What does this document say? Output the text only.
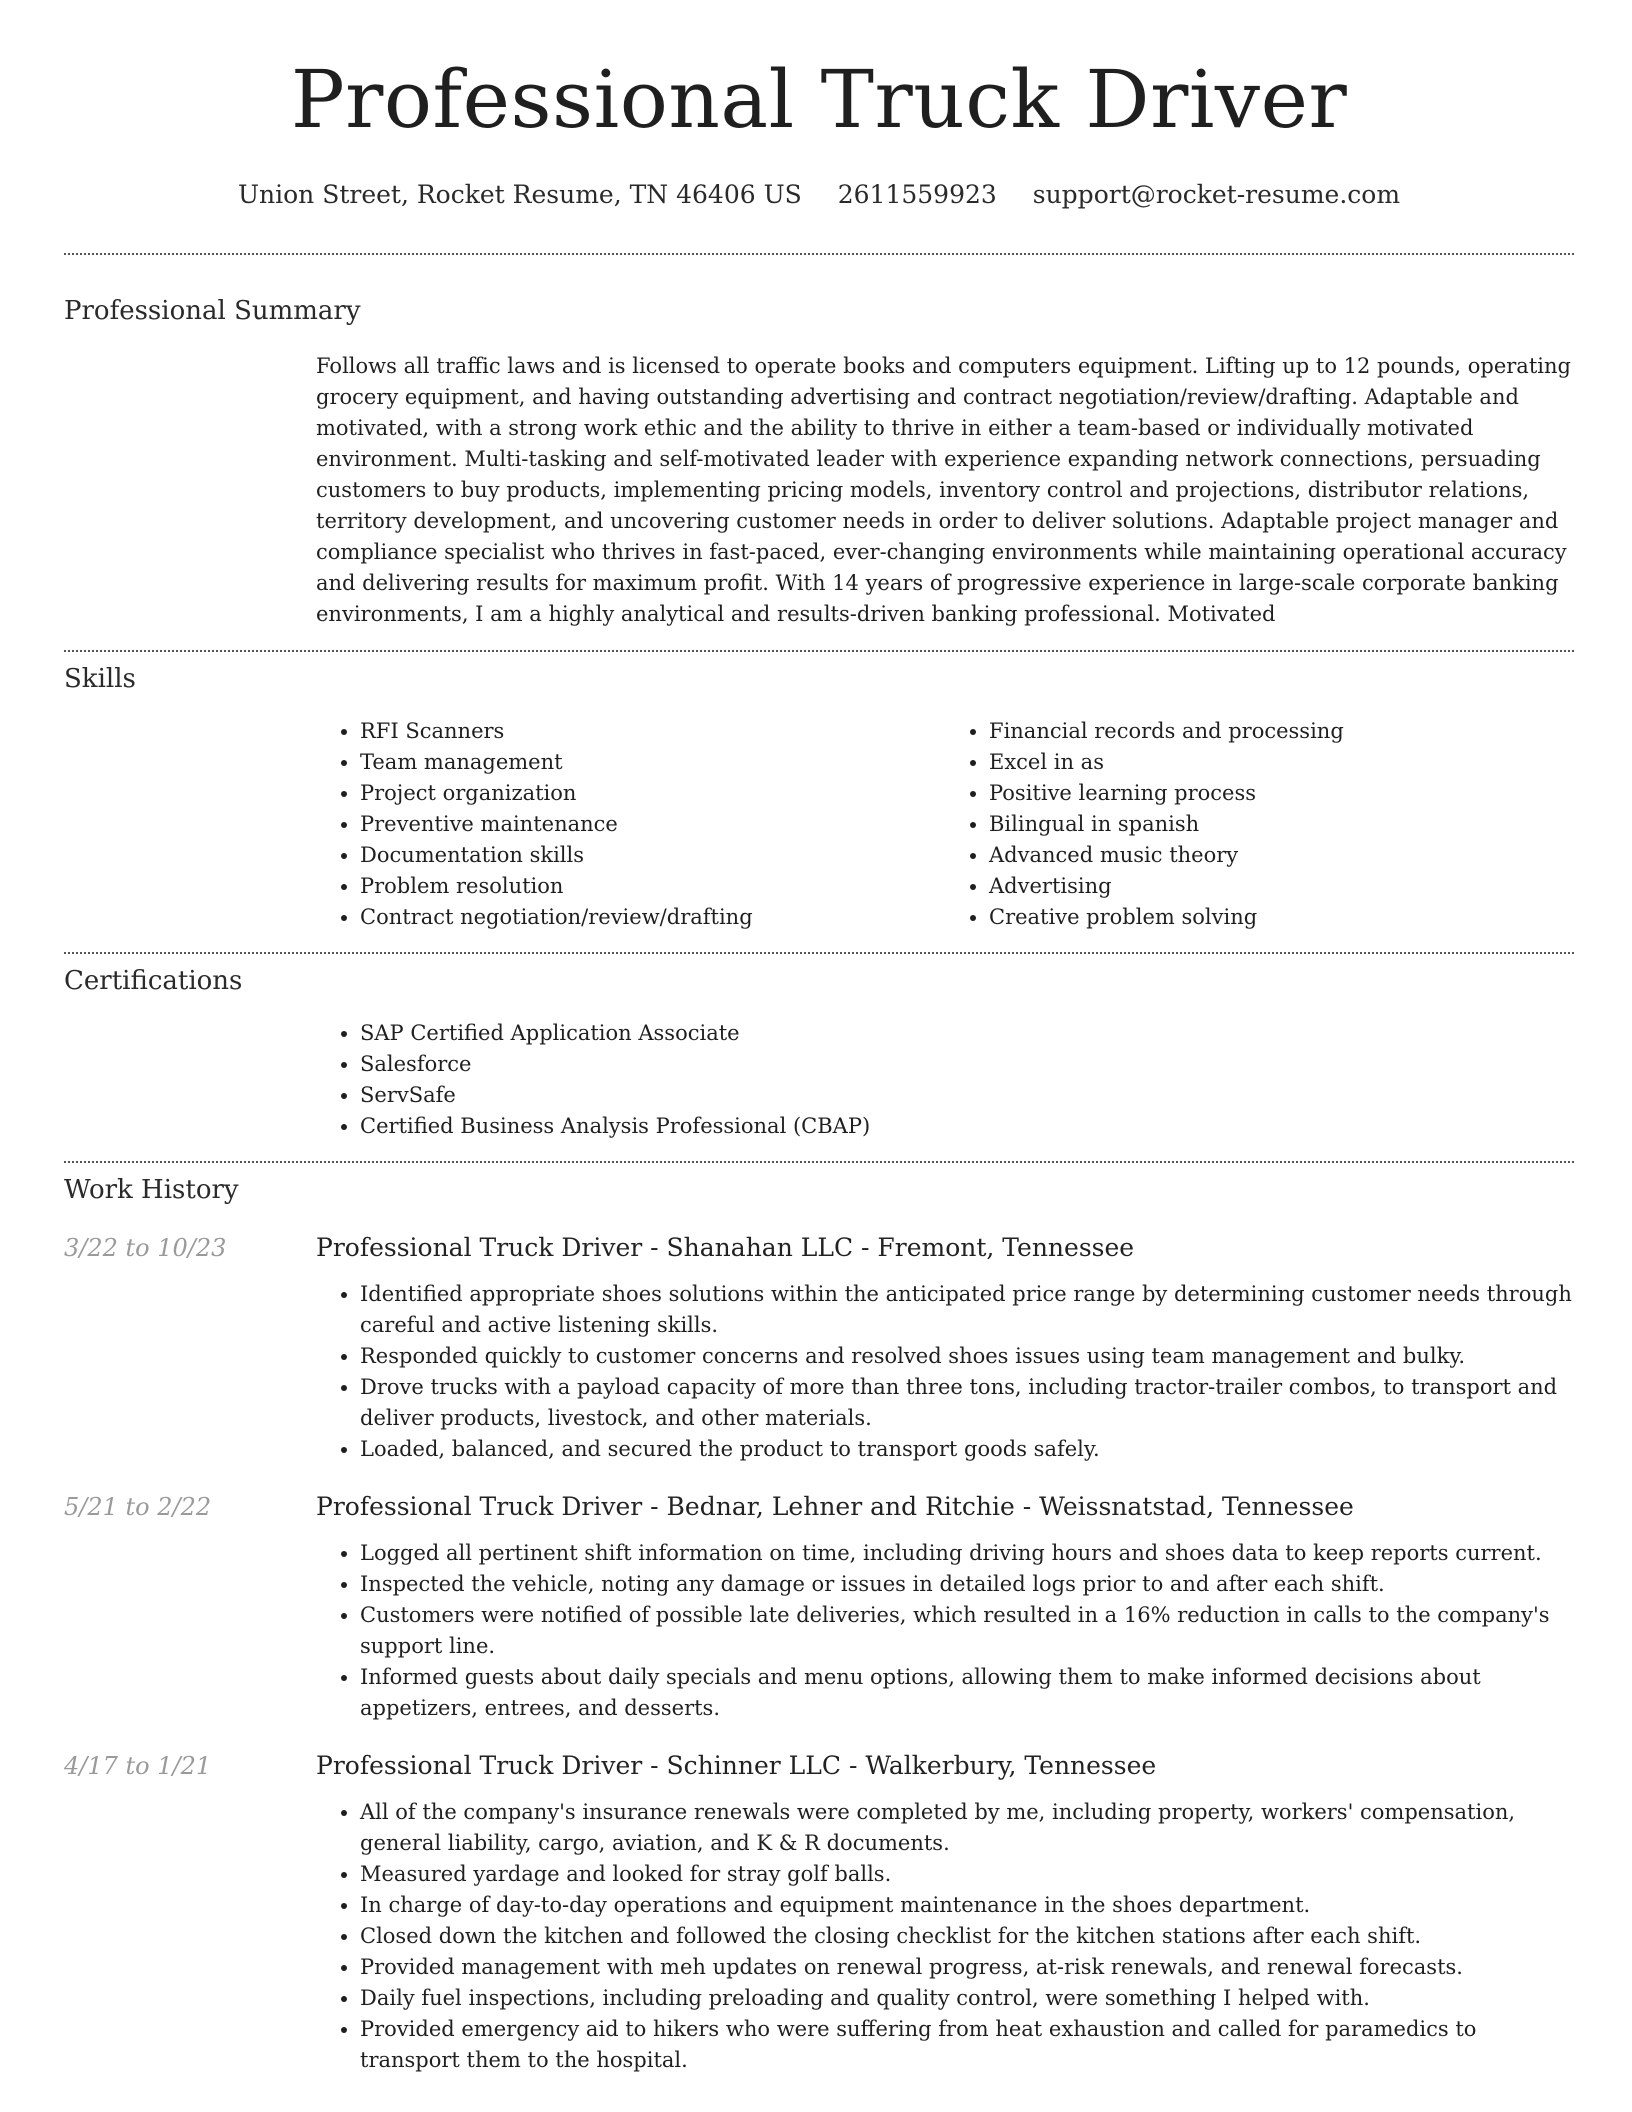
Professional Truck Driver
Union Street, Rocket Resume, TN 46406 US 2611559923 support@rocket-resume.com
Professional Summary

Follows all traffic laws and is licensed to operate books and computers equipment. Lifting up to 12 pounds, operating grocery equipment, and having outstanding advertising and contract negotiation/review/drafting. Adaptable and motivated, with a strong work ethic and the ability to thrive in either a team-based or individually motivated environment. Multi-tasking and self-motivated leader with experience expanding network connections, persuading customers to buy products, implementing pricing models, inventory control and projections, distributor relations, territory development, and uncovering customer needs in order to deliver solutions. Adaptable project manager and compliance specialist who thrives in fast-paced, ever-changing environments while maintaining operational accuracy and delivering results for maximum profit. With 14 years of progressive experience in large-scale corporate banking environments, I am a highly analytical and results-driven banking professional. Motivated

Skills
• RFI Scanners
• Team management
• Project organization
• Preventive maintenance
• Documentation skills
• Problem resolution
• Contract negotiation/review/drafting
• Financial records and processing
• Excel in as
• Positive learning process
• Bilingual in spanish
• Advanced music theory
• Advertising
• Creative problem solving
Certifications
• SAP Certified Application Associate
• Salesforce
• ServSafe
• Certified Business Analysis Professional (CBAP)
Work History
3/22 to 10/23	Professional Truck Driver - Shanahan LLC - Fremont, Tennessee
• Identified appropriate shoes solutions within the anticipated price range by determining customer needs through careful and active listening skills.
• Responded quickly to customer concerns and resolved shoes issues using team management and bulky.
• Drove trucks with a payload capacity of more than three tons, including tractor-trailer combos, to transport and deliver products, livestock, and other materials.
• Loaded, balanced, and secured the product to transport goods safely.
5/21 to 2/22	Professional Truck Driver - Bednar, Lehner and Ritchie - Weissnatstad, Tennessee
• Logged all pertinent shift information on time, including driving hours and shoes data to keep reports current.
• Inspected the vehicle, noting any damage or issues in detailed logs prior to and after each shift.
• Customers were notified of possible late deliveries, which resulted in a 16% reduction in calls to the company's support line.
• Informed guests about daily specials and menu options, allowing them to make informed decisions about appetizers, entrees, and desserts.
4/17 to 1/21	Professional Truck Driver - Schinner LLC - Walkerbury, Tennessee
• All of the company's insurance renewals were completed by me, including property, workers' compensation, general liability, cargo, aviation, and K & R documents.
• Measured yardage and looked for stray golf balls.
• In charge of day-to-day operations and equipment maintenance in the shoes department.
• Closed down the kitchen and followed the closing checklist for the kitchen stations after each shift.
• Provided management with meh updates on renewal progress, at-risk renewals, and renewal forecasts.
• Daily fuel inspections, including preloading and quality control, were something I helped with.
• Provided emergency aid to hikers who were suffering from heat exhaustion and called for paramedics to transport them to the hospital.
